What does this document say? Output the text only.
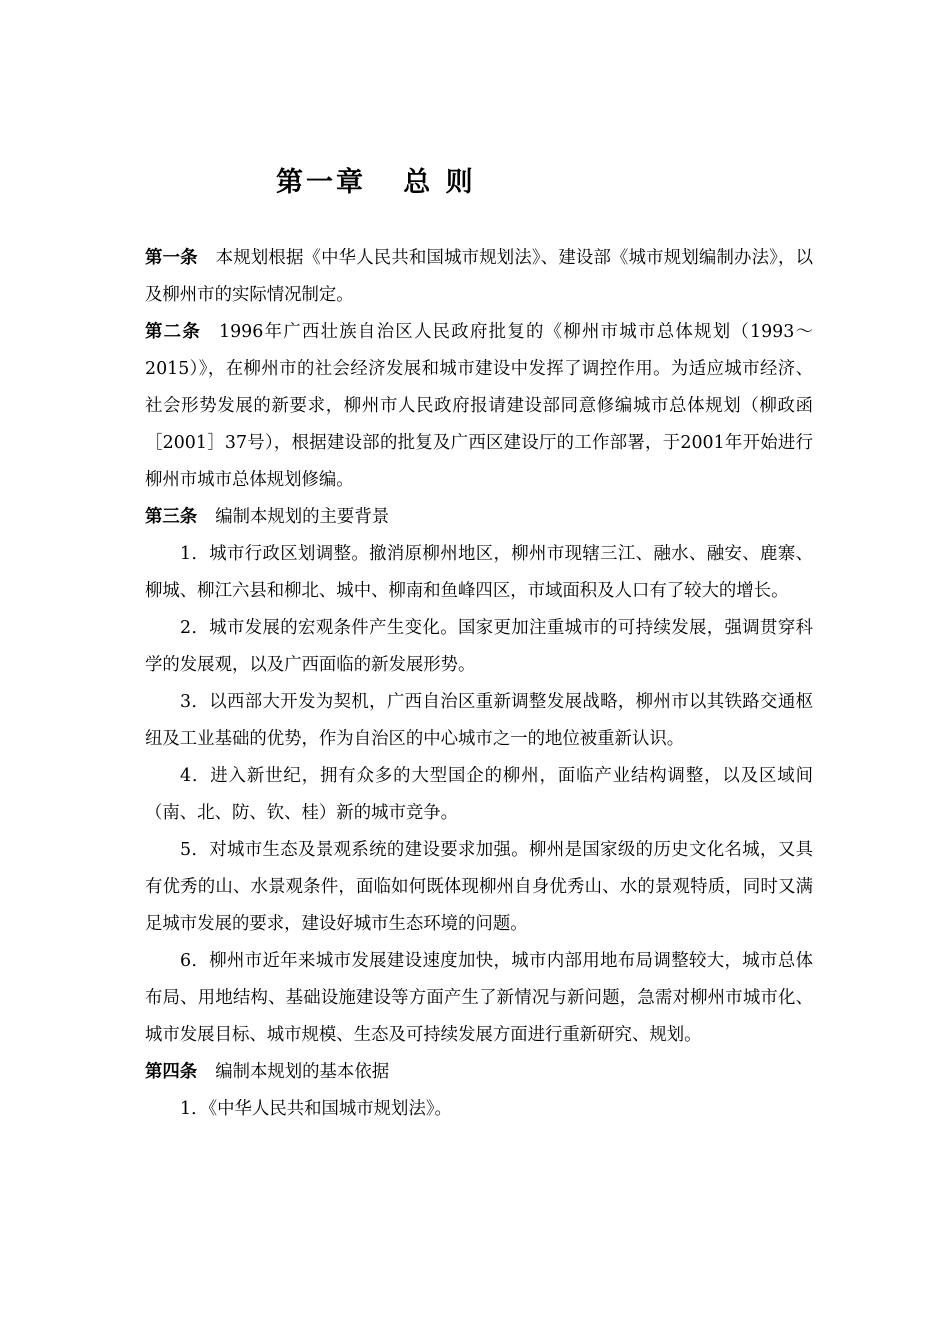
第一章   总 则

第一条 本规划根据《中华人民共和国城市规划法》、建设部《城市规划编制办法》，以及柳州市的实际情况制定。

第二条 1996年广西壮族自治区人民政府批复的《柳州市城市总体规划（1993～2015）》，在柳州市的社会经济发展和城市建设中发挥了调控作用。为适应城市经济、社会形势发展的新要求，柳州市人民政府报请建设部同意修编城市总体规划（柳政函［2001］37号），根据建设部的批复及广西区建设厅的工作部署，于2001年开始进行柳州市城市总体规划修编。

第三条 编制本规划的主要背景

1．城市行政区划调整。撤消原柳州地区，柳州市现辖三江、融水、融安、鹿寨、柳城、柳江六县和柳北、城中、柳南和鱼峰四区，市域面积及人口有了较大的增长。

2．城市发展的宏观条件产生变化。国家更加注重城市的可持续发展，强调贯穿科学的发展观，以及广西面临的新发展形势。

3．以西部大开发为契机，广西自治区重新调整发展战略，柳州市以其铁路交通枢纽及工业基础的优势，作为自治区的中心城市之一的地位被重新认识。

4．进入新世纪，拥有众多的大型国企的柳州，面临产业结构调整，以及区域间（南、北、防、钦、桂）新的城市竞争。

5．对城市生态及景观系统的建设要求加强。柳州是国家级的历史文化名城，又具有优秀的山、水景观条件，面临如何既体现柳州自身优秀山、水的景观特质，同时又满足城市发展的要求，建设好城市生态环境的问题。

6．柳州市近年来城市发展建设速度加快，城市内部用地布局调整较大，城市总体布局、用地结构、基础设施建设等方面产生了新情况与新问题，急需对柳州市城市化、城市发展目标、城市规模、生态及可持续发展方面进行重新研究、规划。

第四条 编制本规划的基本依据

1．《中华人民共和国城市规划法》。
